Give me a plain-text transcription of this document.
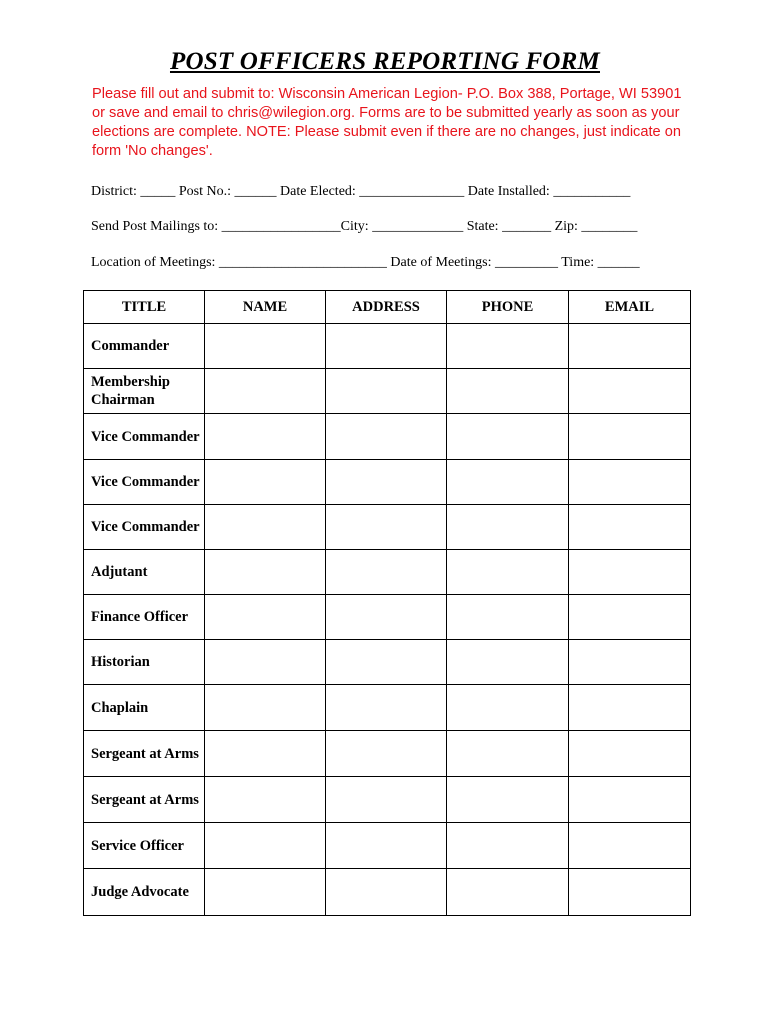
POST OFFICERS REPORTING FORM
Please fill out and submit to: Wisconsin American Legion- P.O. Box 388, Portage, WI 53901 or save and email to chris@wilegion.org. Forms are to be submitted yearly as soon as your elections are complete. NOTE: Please submit even if there are no changes, just indicate on form 'No changes'.
District: _____ Post No.: ______ Date Elected: _______________ Date Installed: ___________
Send Post Mailings to: _________________City: _____________ State: _______ Zip: ________
Location of Meetings: ________________________ Date of Meetings: _________ Time: ______
TITLE	NAME	ADDRESS	PHONE	EMAIL
Commander				
Membership Chairman				
Vice Commander				
Vice Commander				
Vice Commander				
Adjutant				
Finance Officer				
Historian				
Chaplain				
Sergeant at Arms				
Sergeant at Arms				
Service Officer				
Judge Advocate				
